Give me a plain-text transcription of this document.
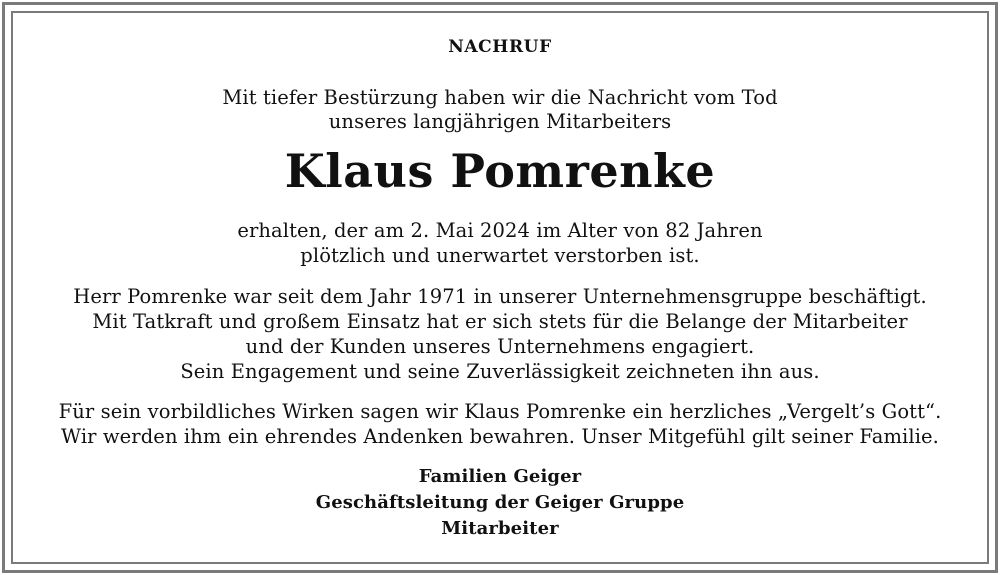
NACHRUF
Mit tiefer Bestürzung haben wir die Nachricht vom Tod
unseres langjährigen Mitarbeiters
Klaus Pomrenke
erhalten, der am 2. Mai 2024 im Alter von 82 Jahren
plötzlich und unerwartet verstorben ist.
Herr Pomrenke war seit dem Jahr 1971 in unserer Unternehmensgruppe beschäftigt.
Mit Tatkraft und großem Einsatz hat er sich stets für die Belange der Mitarbeiter
und der Kunden unseres Unternehmens engagiert.
Sein Engagement und seine Zuverlässigkeit zeichneten ihn aus.
Für sein vorbildliches Wirken sagen wir Klaus Pomrenke ein herzliches „Vergelt’s Gott“.
Wir werden ihm ein ehrendes Andenken bewahren. Unser Mitgefühl gilt seiner Familie.
Familien Geiger
Geschäftsleitung der Geiger Gruppe
Mitarbeiter
